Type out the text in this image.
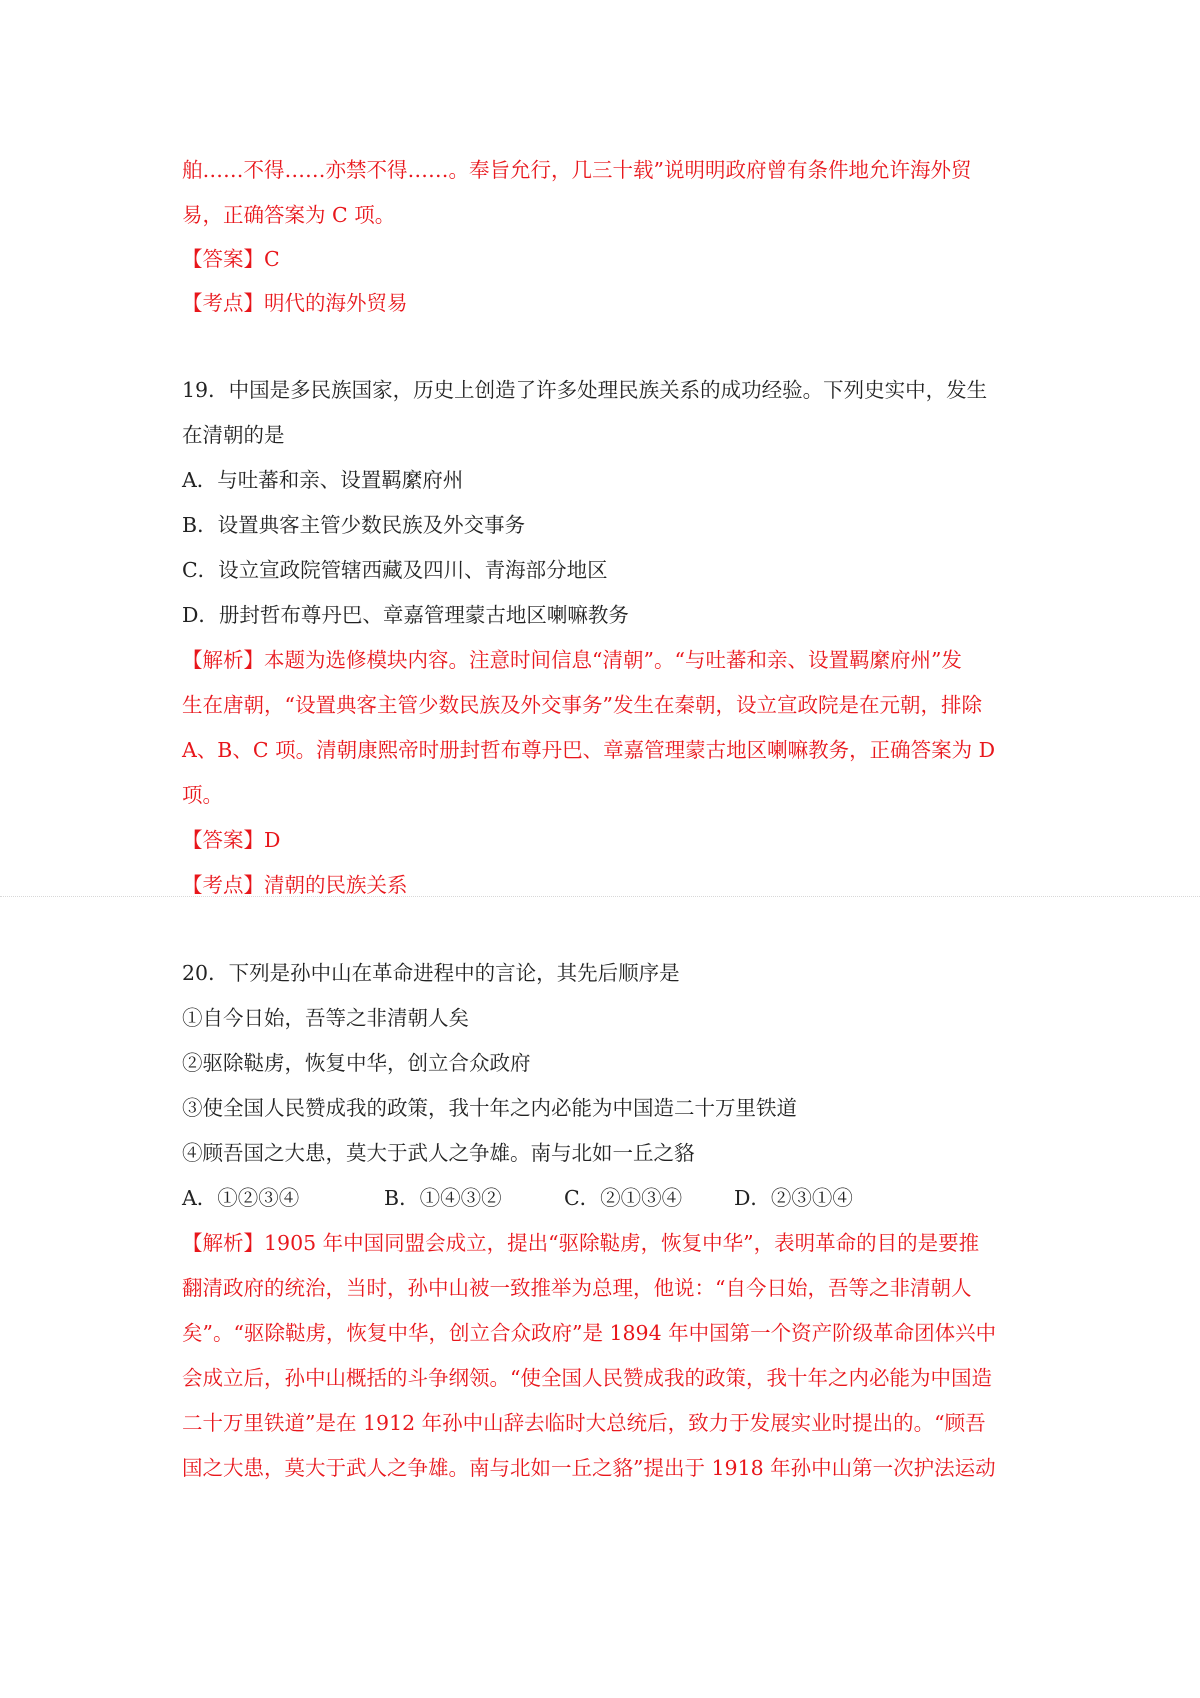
舶……不得……亦禁不得……。奉旨允行，几三十载”说明明政府曾有条件地允许海外贸
易，正确答案为 C 项。
【答案】C
【考点】明代的海外贸易
19．中国是多民族国家，历史上创造了许多处理民族关系的成功经验。下列史实中，发生
在清朝的是
A．与吐蕃和亲、设置羁縻府州
B．设置典客主管少数民族及外交事务
C．设立宣政院管辖西藏及四川、青海部分地区
D．册封哲布尊丹巴、章嘉管理蒙古地区喇嘛教务
【解析】本题为选修模块内容。注意时间信息“清朝”。“与吐蕃和亲、设置羁縻府州”发
生在唐朝，“设置典客主管少数民族及外交事务”发生在秦朝，设立宣政院是在元朝，排除
A、B、C 项。清朝康熙帝时册封哲布尊丹巴、章嘉管理蒙古地区喇嘛教务，正确答案为 D
项。
【答案】D
【考点】清朝的民族关系
20．下列是孙中山在革命进程中的言论，其先后顺序是
①自今日始，吾等之非清朝人矣
②驱除鞑虏，恢复中华，创立合众政府
③使全国人民赞成我的政策，我十年之内必能为中国造二十万里铁道
④顾吾国之大患，莫大于武人之争雄。南与北如一丘之貉
A．①②③④	B．①④③②	C．②①③④	D．②③①④
【解析】1905 年中国同盟会成立，提出“驱除鞑虏，恢复中华”，表明革命的目的是要推
翻清政府的统治，当时，孙中山被一致推举为总理，他说：“自今日始，吾等之非清朝人
矣”。“驱除鞑虏，恢复中华，创立合众政府”是 1894 年中国第一个资产阶级革命团体兴中
会成立后，孙中山概括的斗争纲领。“使全国人民赞成我的政策，我十年之内必能为中国造
二十万里铁道”是在 1912 年孙中山辞去临时大总统后，致力于发展实业时提出的。“顾吾
国之大患，莫大于武人之争雄。南与北如一丘之貉”提出于 1918 年孙中山第一次护法运动
